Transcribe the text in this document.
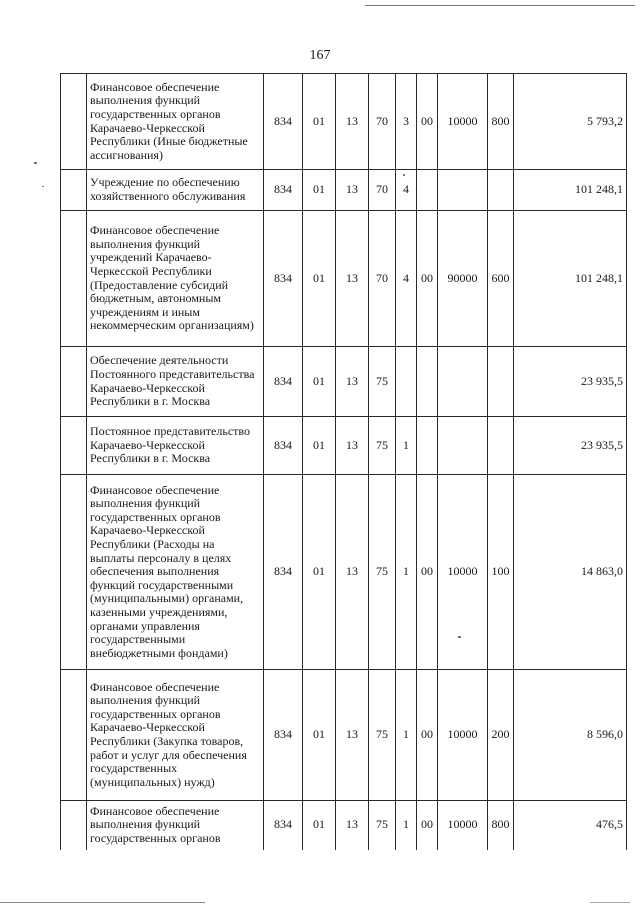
167
	Финансовое обеспечение выполнения функций государственных органов Карачаево-Черкесской Республики (Иные бюджетные ассигнования)	834	01	13	70	3	00	10000	800	5 793,2
	Учреждение по обеспечению хозяйственного обслуживания	834	01	13	70	4				101 248,1
	Финансовое обеспечение выполнения функций учреждений Карачаево-Черкесской Республики (Предоставление субсидий бюджетным, автономным учреждениям и иным некоммерческим организациям)	834	01	13	70	4	00	90000	600	101 248,1
	Обеспечение деятельности Постоянного представительства Карачаево-Черкесской Республики в г. Москва	834	01	13	75					23 935,5
	Постоянное представительство Карачаево-Черкесской Республики в г. Москва	834	01	13	75	1				23 935,5
	Финансовое обеспечение выполнения функций государственных органов Карачаево-Черкесской Республики (Расходы на выплаты персоналу в целях обеспечения выполнения функций государственными (муниципальными) органами, казенными учреждениями, органами управления государственными внебюджетными фондами)	834	01	13	75	1	00	10000	100	14 863,0
	Финансовое обеспечение выполнения функций государственных органов Карачаево-Черкесской Республики (Закупка товаров, работ и услуг для обеспечения государственных (муниципальных) нужд)	834	01	13	75	1	00	10000	200	8 596,0
	Финансовое обеспечение выполнения функций государственных органов	834	01	13	75	1	00	10000	800	476,5
